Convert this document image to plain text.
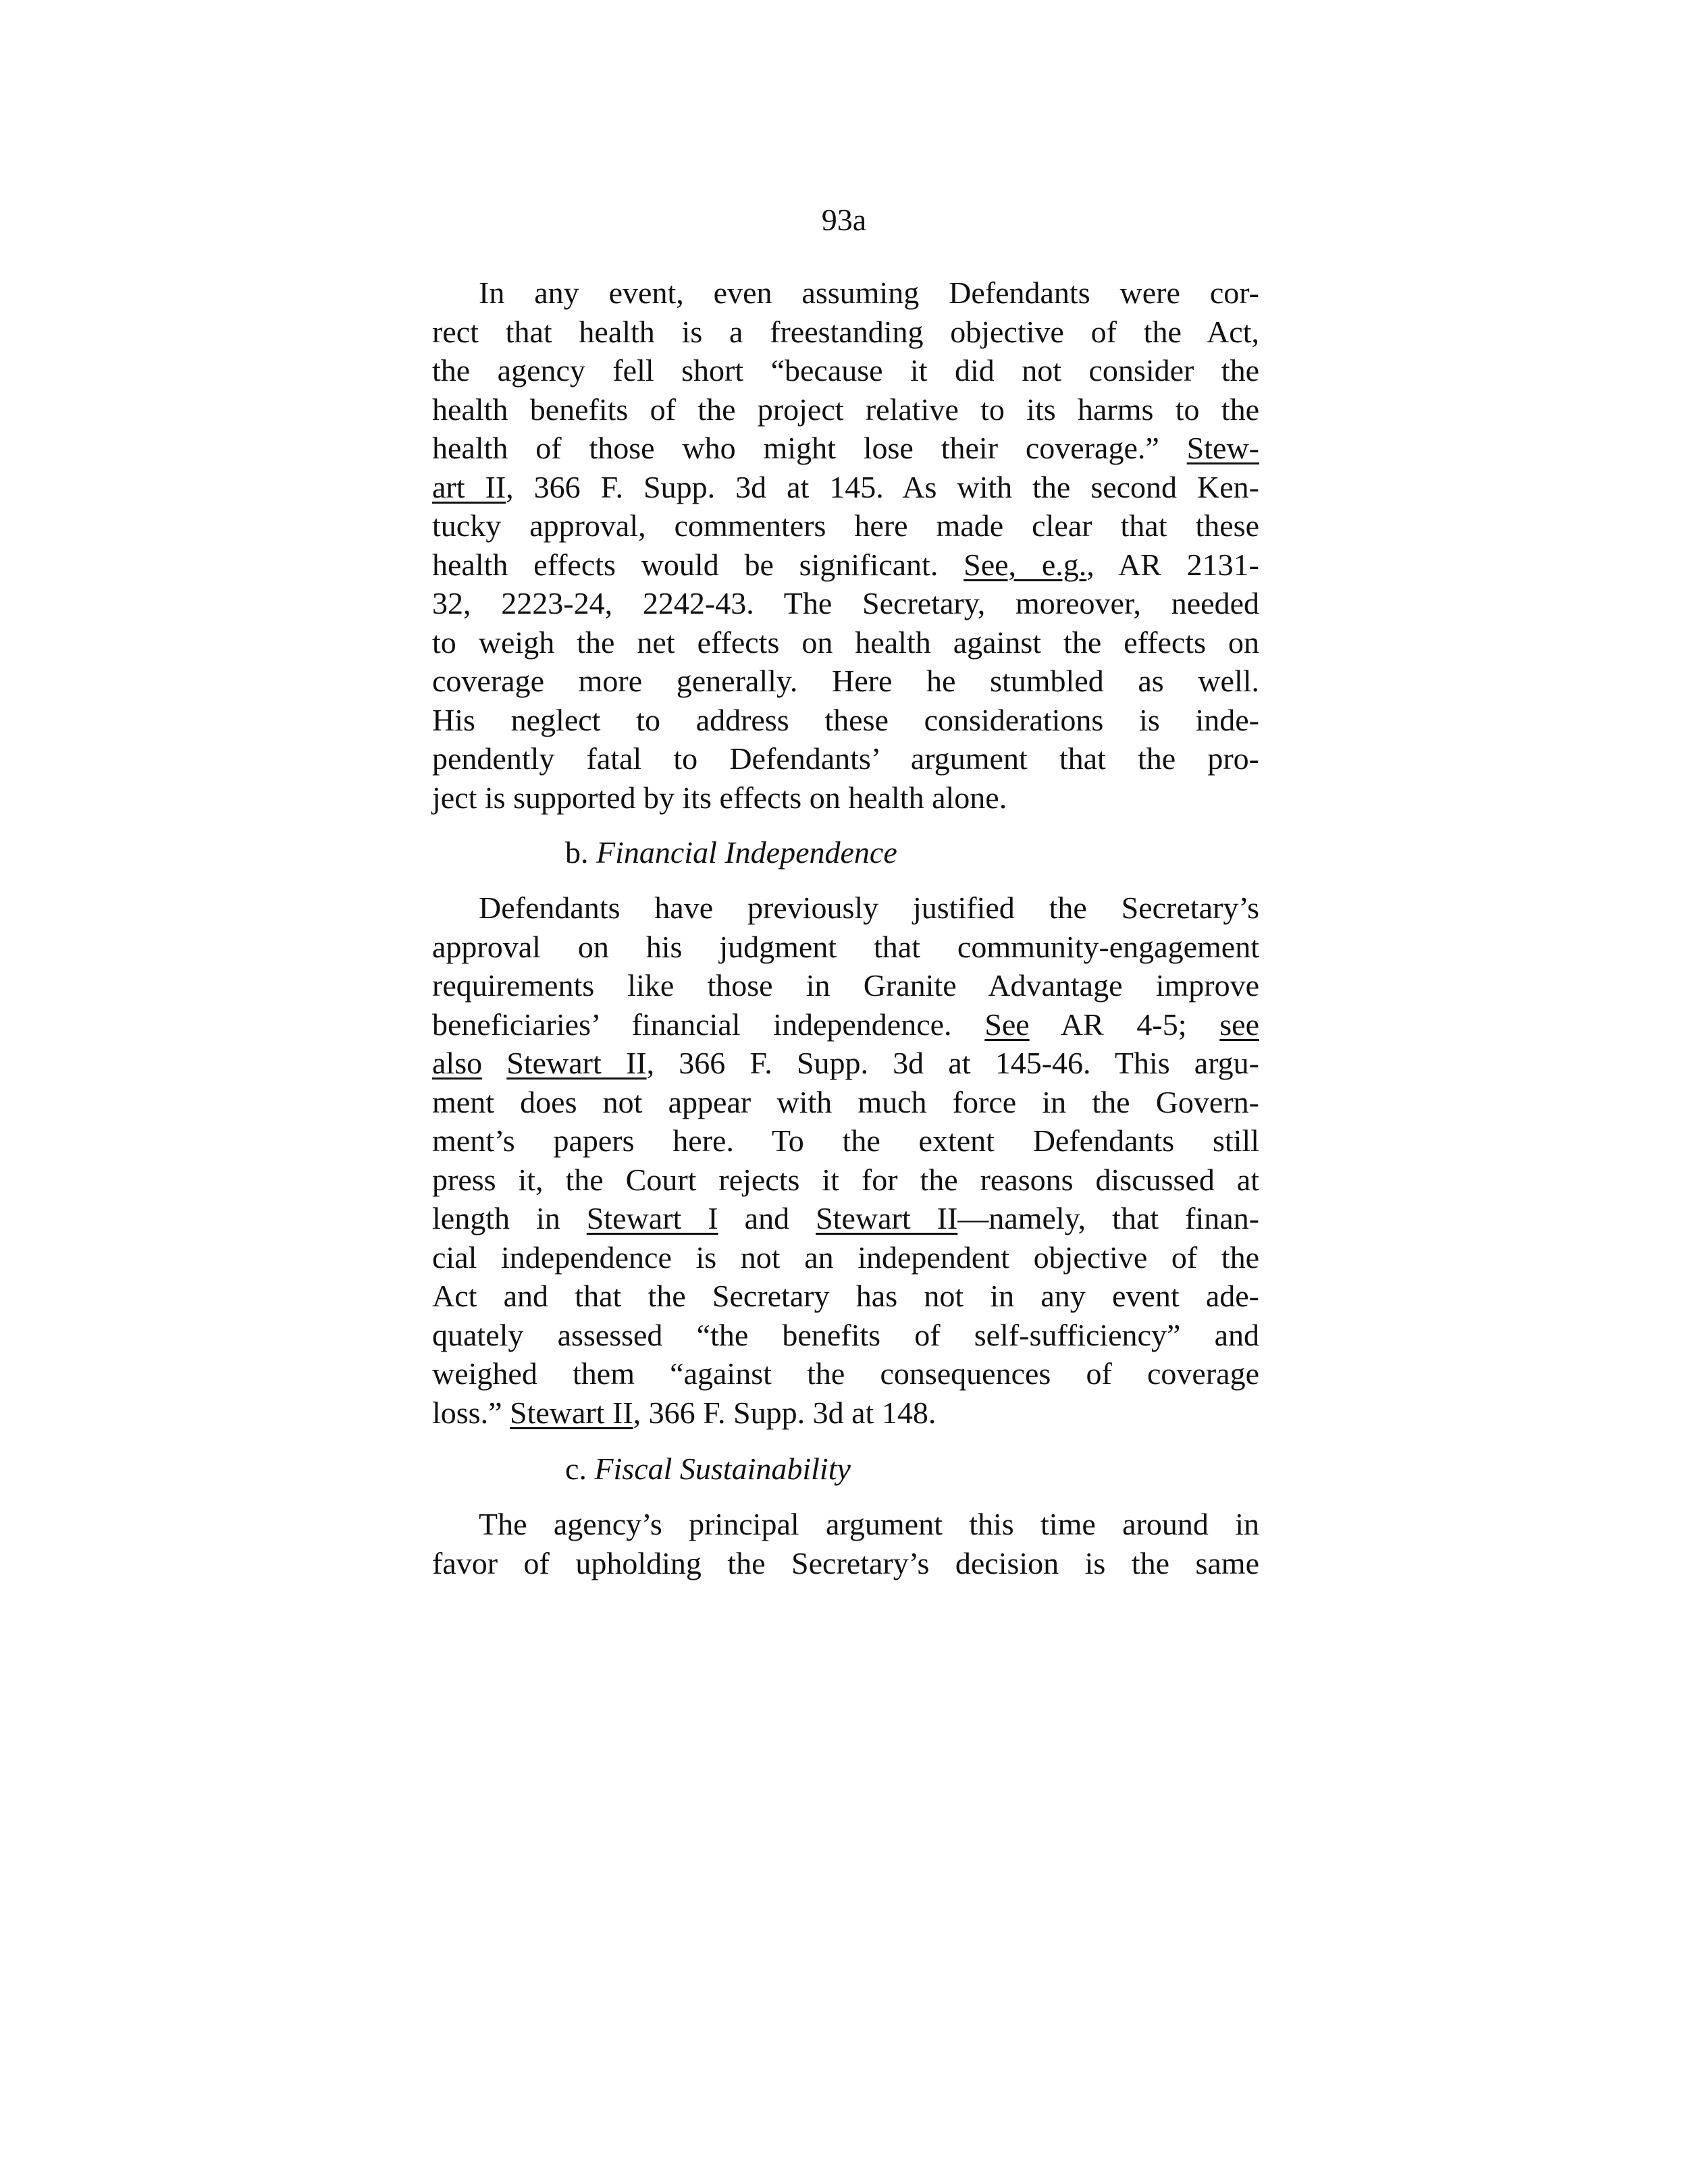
93a
In any event, even assuming Defendants were cor-
rect that health is a freestanding objective of the Act,
the agency fell short “because it did not consider the
health benefits of the project relative to its harms to the
health of those who might lose their coverage.” Stew-
art II, 366 F. Supp. 3d at 145. As with the second Ken-
tucky approval, commenters here made clear that these
health effects would be significant. See, e.g., AR 2131-
32, 2223-24, 2242-43. The Secretary, moreover, needed
to weigh the net effects on health against the effects on
coverage more generally. Here he stumbled as well.
His neglect to address these considerations is inde-
pendently fatal to Defendants’ argument that the pro-
ject is supported by its effects on health alone.
b. Financial Independence
Defendants have previously justified the Secretary’s
approval on his judgment that community-engagement
requirements like those in Granite Advantage improve
beneficiaries’ financial independence. See AR 4-5; see
also Stewart II, 366 F. Supp. 3d at 145-46. This argu-
ment does not appear with much force in the Govern-
ment’s papers here. To the extent Defendants still
press it, the Court rejects it for the reasons discussed at
length in Stewart I and Stewart II—namely, that finan-
cial independence is not an independent objective of the
Act and that the Secretary has not in any event ade-
quately assessed “the benefits of self-sufficiency” and
weighed them “against the consequences of coverage
loss.” Stewart II, 366 F. Supp. 3d at 148.
c. Fiscal Sustainability
The agency’s principal argument this time around in
favor of upholding the Secretary’s decision is the same
